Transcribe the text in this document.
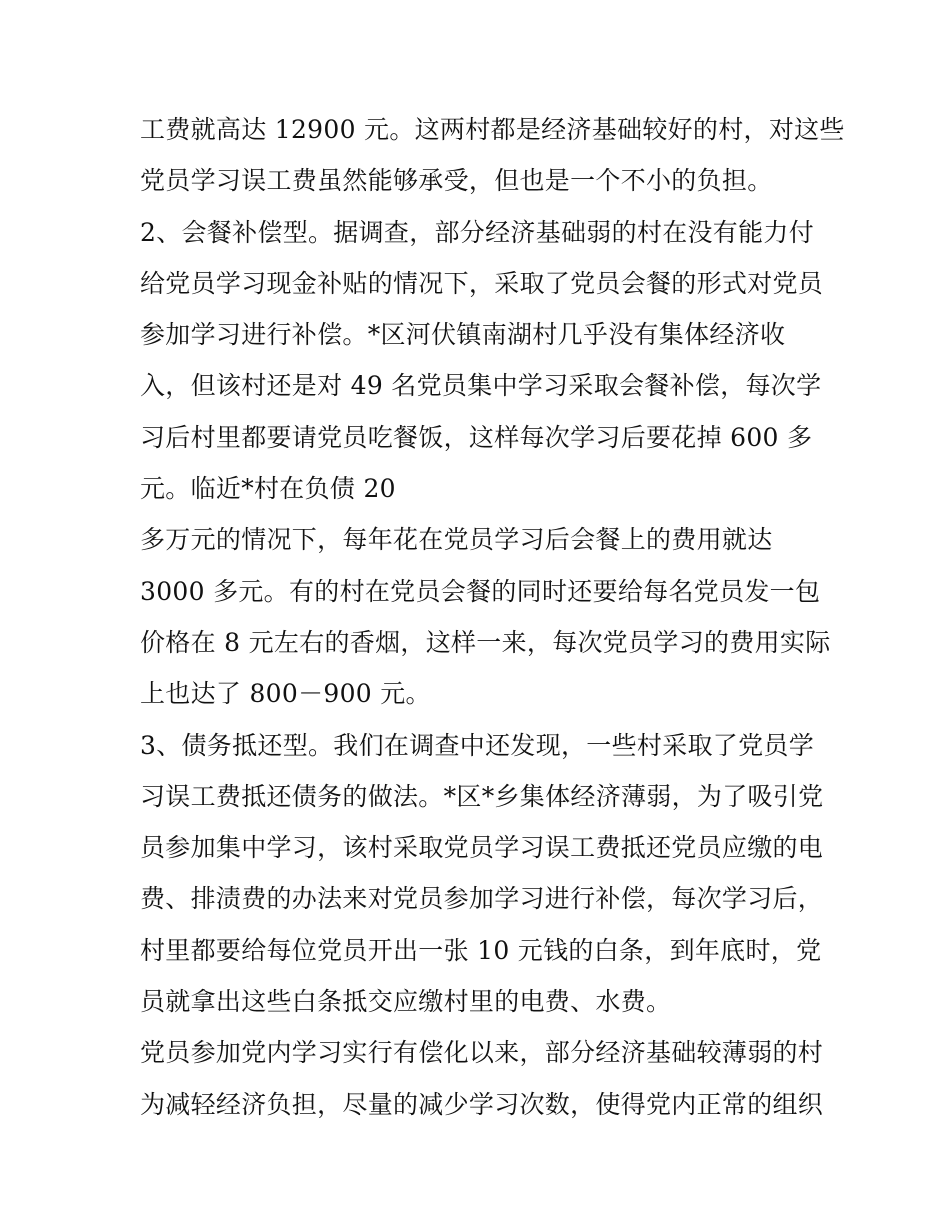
工费就高达 12900 元。这两村都是经济基础较好的村，对这些
党员学习误工费虽然能够承受，但也是一个不小的负担。
2、会餐补偿型。据调查，部分经济基础弱的村在没有能力付
给党员学习现金补贴的情况下，采取了党员会餐的形式对党员
参加学习进行补偿。*区河伏镇南湖村几乎没有集体经济收
入，但该村还是对 49 名党员集中学习采取会餐补偿，每次学
习后村里都要请党员吃餐饭，这样每次学习后要花掉 600 多
元。临近*村在负债 20
多万元的情况下，每年花在党员学习后会餐上的费用就达
3000 多元。有的村在党员会餐的同时还要给每名党员发一包
价格在 8 元左右的香烟，这样一来，每次党员学习的费用实际
上也达了 800－900 元。
3、债务抵还型。我们在调查中还发现，一些村采取了党员学
习误工费抵还债务的做法。*区*乡集体经济薄弱，为了吸引党
员参加集中学习，该村采取党员学习误工费抵还党员应缴的电
费、排渍费的办法来对党员参加学习进行补偿，每次学习后，
村里都要给每位党员开出一张 10 元钱的白条，到年底时，党
员就拿出这些白条抵交应缴村里的电费、水费。
党员参加党内学习实行有偿化以来，部分经济基础较薄弱的村
为减轻经济负担，尽量的减少学习次数，使得党内正常的组织
